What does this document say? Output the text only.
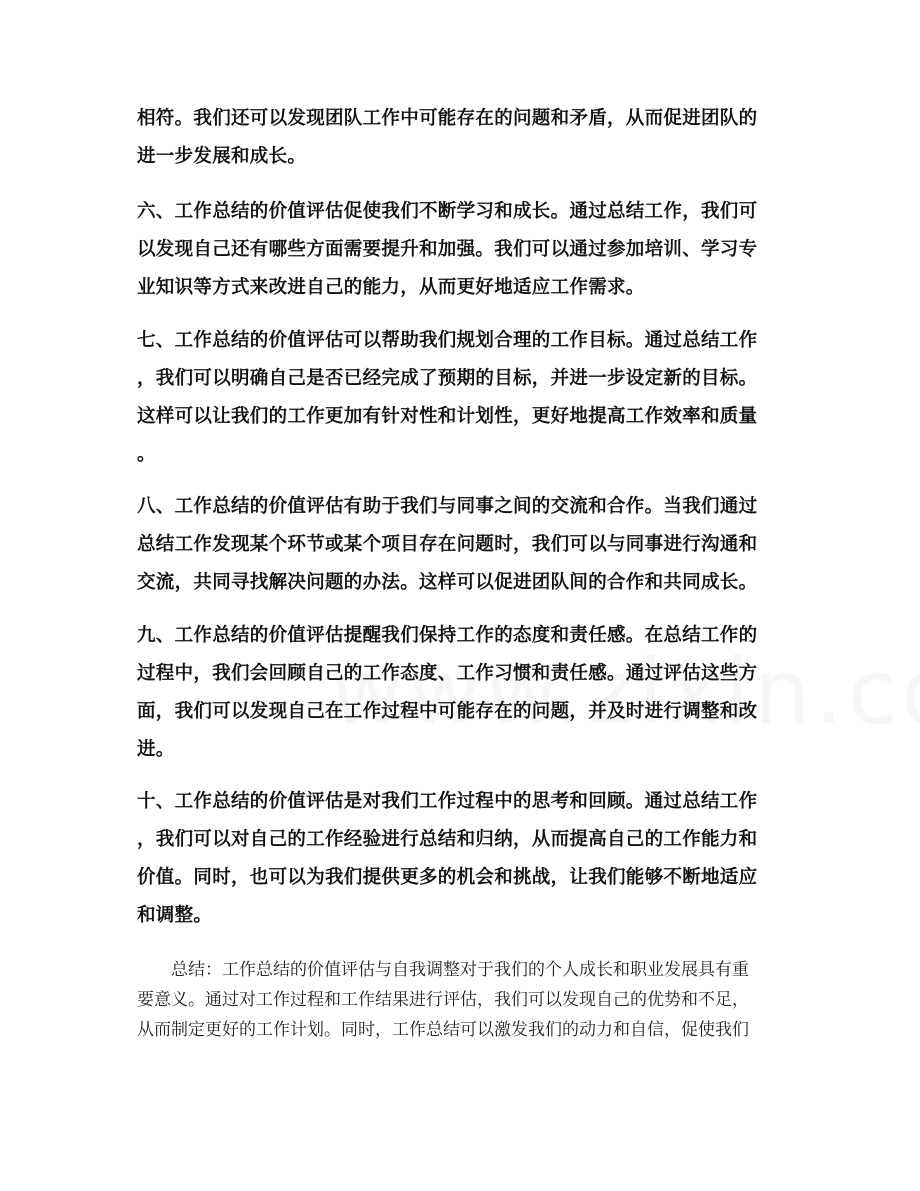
相符。我们还可以发现团队工作中可能存在的问题和矛盾，从而促进团队的
进一步发展和成长。
六、工作总结的价值评估促使我们不断学习和成长。通过总结工作，我们可
以发现自己还有哪些方面需要提升和加强。我们可以通过参加培训、学习专
业知识等方式来改进自己的能力，从而更好地适应工作需求。
七、工作总结的价值评估可以帮助我们规划合理的工作目标。通过总结工作
，我们可以明确自己是否已经完成了预期的目标，并进一步设定新的目标。
这样可以让我们的工作更加有针对性和计划性，更好地提高工作效率和质量
。
八、工作总结的价值评估有助于我们与同事之间的交流和合作。当我们通过
总结工作发现某个环节或某个项目存在问题时，我们可以与同事进行沟通和
交流，共同寻找解决问题的办法。这样可以促进团队间的合作和共同成长。
九、工作总结的价值评估提醒我们保持工作的态度和责任感。在总结工作的
过程中，我们会回顾自己的工作态度、工作习惯和责任感。通过评估这些方
面，我们可以发现自己在工作过程中可能存在的问题，并及时进行调整和改
进。
十、工作总结的价值评估是对我们工作过程中的思考和回顾。通过总结工作
，我们可以对自己的工作经验进行总结和归纳，从而提高自己的工作能力和
价值。同时，也可以为我们提供更多的机会和挑战，让我们能够不断地适应
和调整。
　　总结：工作总结的价值评估与自我调整对于我们的个人成长和职业发展具有重
要意义。通过对工作过程和工作结果进行评估，我们可以发现自己的优势和不足，
从而制定更好的工作计划。同时，工作总结可以激发我们的动力和自信，促使我们
